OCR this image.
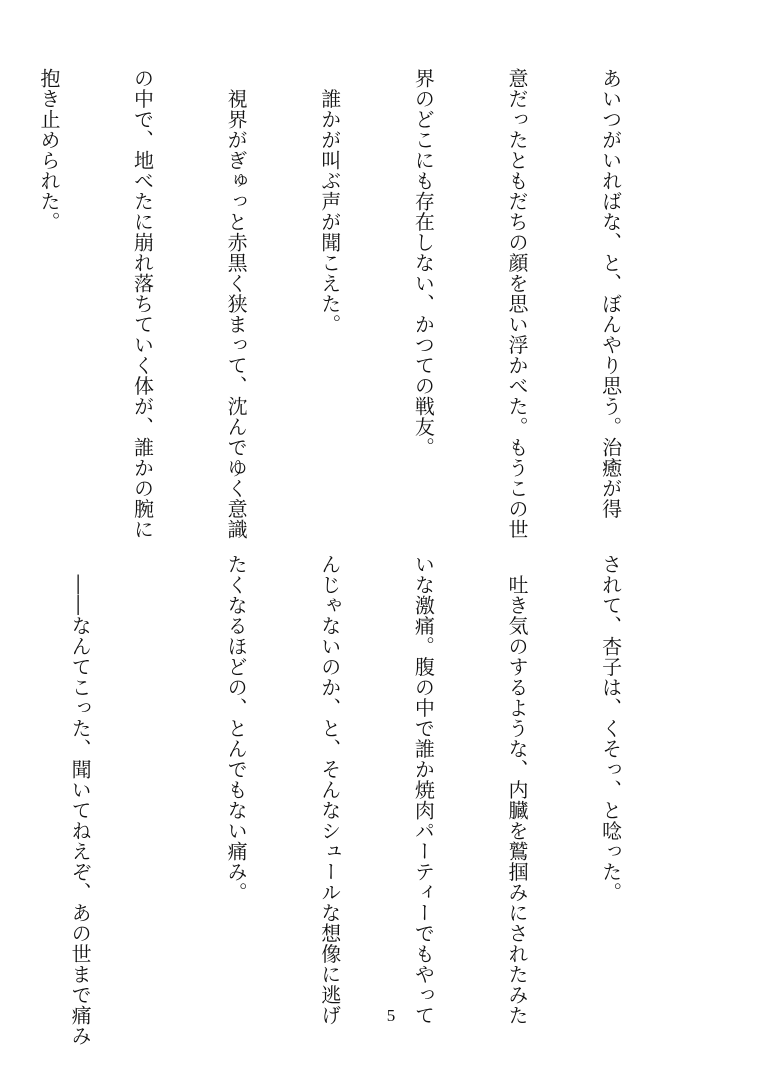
あいつがいればな、と、ぼんやり思う。治癒が得

意だったともだちの顔を思い浮かべた。もうこの世

界のどこにも存在しない、かつての戦友。

　誰かが叫ぶ声が聞こえた。

　視界がぎゅっと赤黒く狭まって、沈んでゆく意識

の中で、地べたに崩れ落ちていく体が、誰かの腕に

抱き止められた。

されて、杏子は、くそっ、と唸った。

　吐き気のするような、内臓を鷲掴みにされたみた

いな激痛。腹の中で誰か焼肉パーティーでもやって

んじゃないのか、と、そんなシュールな想像に逃げ

たくなるほどの、とんでもない痛み。

　――なんてこった、聞いてねえぞ、あの世まで痛み

	5
